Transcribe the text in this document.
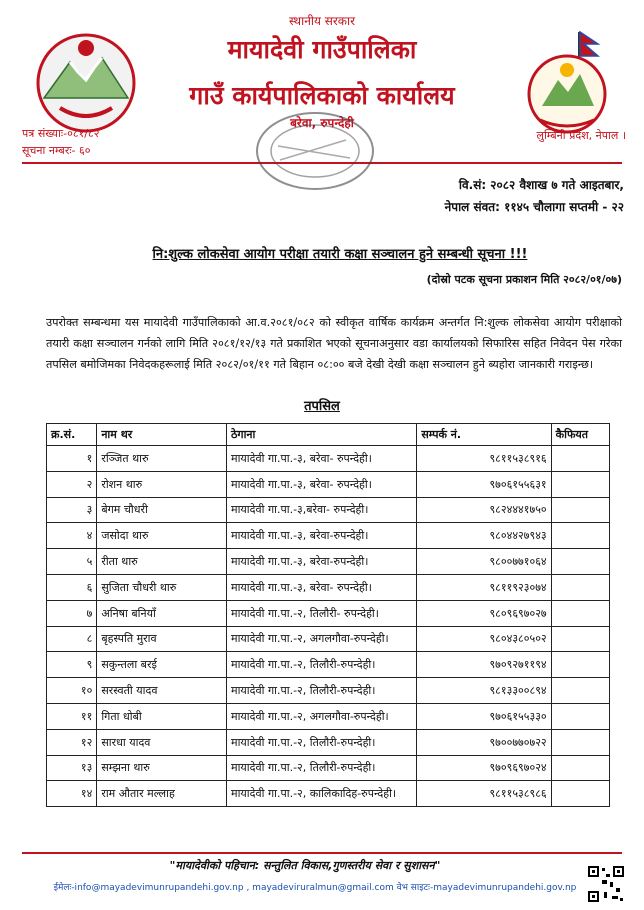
स्थानीय सरकार
मायादेवी गाउँपालिका
गाउँ कार्यपालिकाको कार्यालय
बरेवा, रुपन्देही
पत्र संख्याः-०८१/८२
सूचना नम्बरः- ६०
लुम्बिनी प्रदेश, नेपाल ।
वि.सं: २०८२ वैशाख ७ गते आइतबार,
नेपाल संवत: ११४५ चौलागा सप्तमी - २२
नि:शुल्क लोकसेवा आयोग परीक्षा तयारी कक्षा सञ्चालन हुने सम्बन्धी सूचना !!!
(दोस्रो पटक सूचना प्रकाशन मिति २०८२/०१/०७)
उपरोक्त सम्बन्धमा यस मायादेवी गाउँपालिकाको आ.व.२०८१/०८२ को स्वीकृत वार्षिक कार्यक्रम अन्तर्गत नि:शुल्क लोकसेवा आयोग परीक्षाको तयारी कक्षा सञ्चालन गर्नको लागि मिति २०८१/१२/१३ गते प्रकाशित भएको सूचनाअनुसार वडा कार्यालयको सिफारिस सहित निवेदन पेस गरेका तपसिल बमोजिमका निवेदकहरूलाई मिति २०८२/०१/११ गते बिहान ०८:०० बजे देखी देखी कक्षा सञ्चालन हुने ब्यहोरा जानकारी गराइन्छ।
तपसिल
क्र.सं.	नाम थर	ठेगाना	सम्पर्क नं.	कैफियत
१	रञ्जित थारु	मायादेवी गा.पा.-३, बरेवा- रुपन्देही।	९८११५३८९१६	
२	रोशन थारु	मायादेवी गा.पा.-३, बरेवा- रुपन्देही।	९७०६१५५६३१	
३	बेगम चौधरी	मायादेवी गा.पा.-३,बरेवा- रुपन्देही।	९८२४४४१७५०	
४	जसोदा थारु	मायादेवी गा.पा.-३, बरेवा-रुपन्देही।	९८०४४२७९४३	
५	रीता थारु	मायादेवी गा.पा.-३, बरेवा-रुपन्देही।	९८००७७१०६४	
६	सुजिता चौधरी थारु	मायादेवी गा.पा.-३, बरेवा- रुपन्देही।	९८११९२३०७४	
७	अनिषा बनियाँ	मायादेवी गा.पा.-२, तिलौरी- रुपन्देही।	९८०९६९७०२७	
८	बृहस्पति मुराव	मायादेवी गा.पा.-२, अगलगौवा-रुपन्देही।	९८०४३८०५०२	
९	सकुन्तला बरई	मायादेवी गा.पा.-२, तिलौरी-रुपन्देही।	९७०९२७११९४	
१०	सरस्वती यादव	मायादेवी गा.पा.-२, तिलौरी-रुपन्देही।	९८१३३००८९४	
११	गिता धोबी	मायादेवी गा.पा.-२, अगलगौवा-रुपन्देही।	९७०६१५५३३०	
१२	सारधा यादव	मायादेवी गा.पा.-२, तिलौरी-रुपन्देही।	९७००७७०७२२	
१३	सम्झना थारु	मायादेवी गा.पा.-२, तिलौरी-रुपन्देही।	९७०९६९७०२४	
१४	राम औतार मल्लाह	मायादेवी गा.पा.-२, कालिकादिह-रुपन्देही।	९८११५३८९८६	
"मायादेवीको पहिचान: सन्तुलित विकास,गुणस्तरीय सेवा र सुशासन"
ईमेलः-info@mayadevimunrupandehi.gov.np , mayadeviruralmun@gmail.com वेभ साइटः-mayadevimunrupandehi.gov.np
